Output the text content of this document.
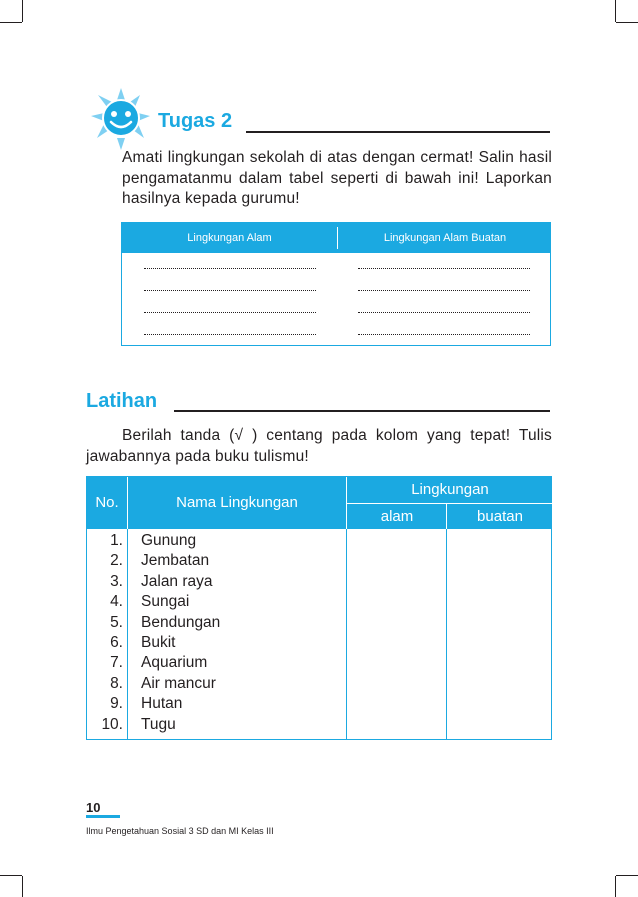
Tugas 2
Amati lingkungan sekolah di atas dengan cermat! Salin hasil pengamatanmu dalam tabel seperti di bawah ini! Laporkan hasilnya kepada gurumu!
Lingkungan Alam	Lingkungan Alam Buatan
Latihan
Berilah tanda (√ ) centang pada kolom yang tepat! Tulis jawabannya pada buku tulismu!
No.	Nama Lingkungan
Lingkungan
alam	buatan
1. Gunung
2. Jembatan
3. Jalan raya
4. Sungai
5. Bendungan
6. Bukit
7. Aquarium
8. Air mancur
9. Hutan
10. Tugu
10
Ilmu Pengetahuan Sosial 3 SD dan MI Kelas III
